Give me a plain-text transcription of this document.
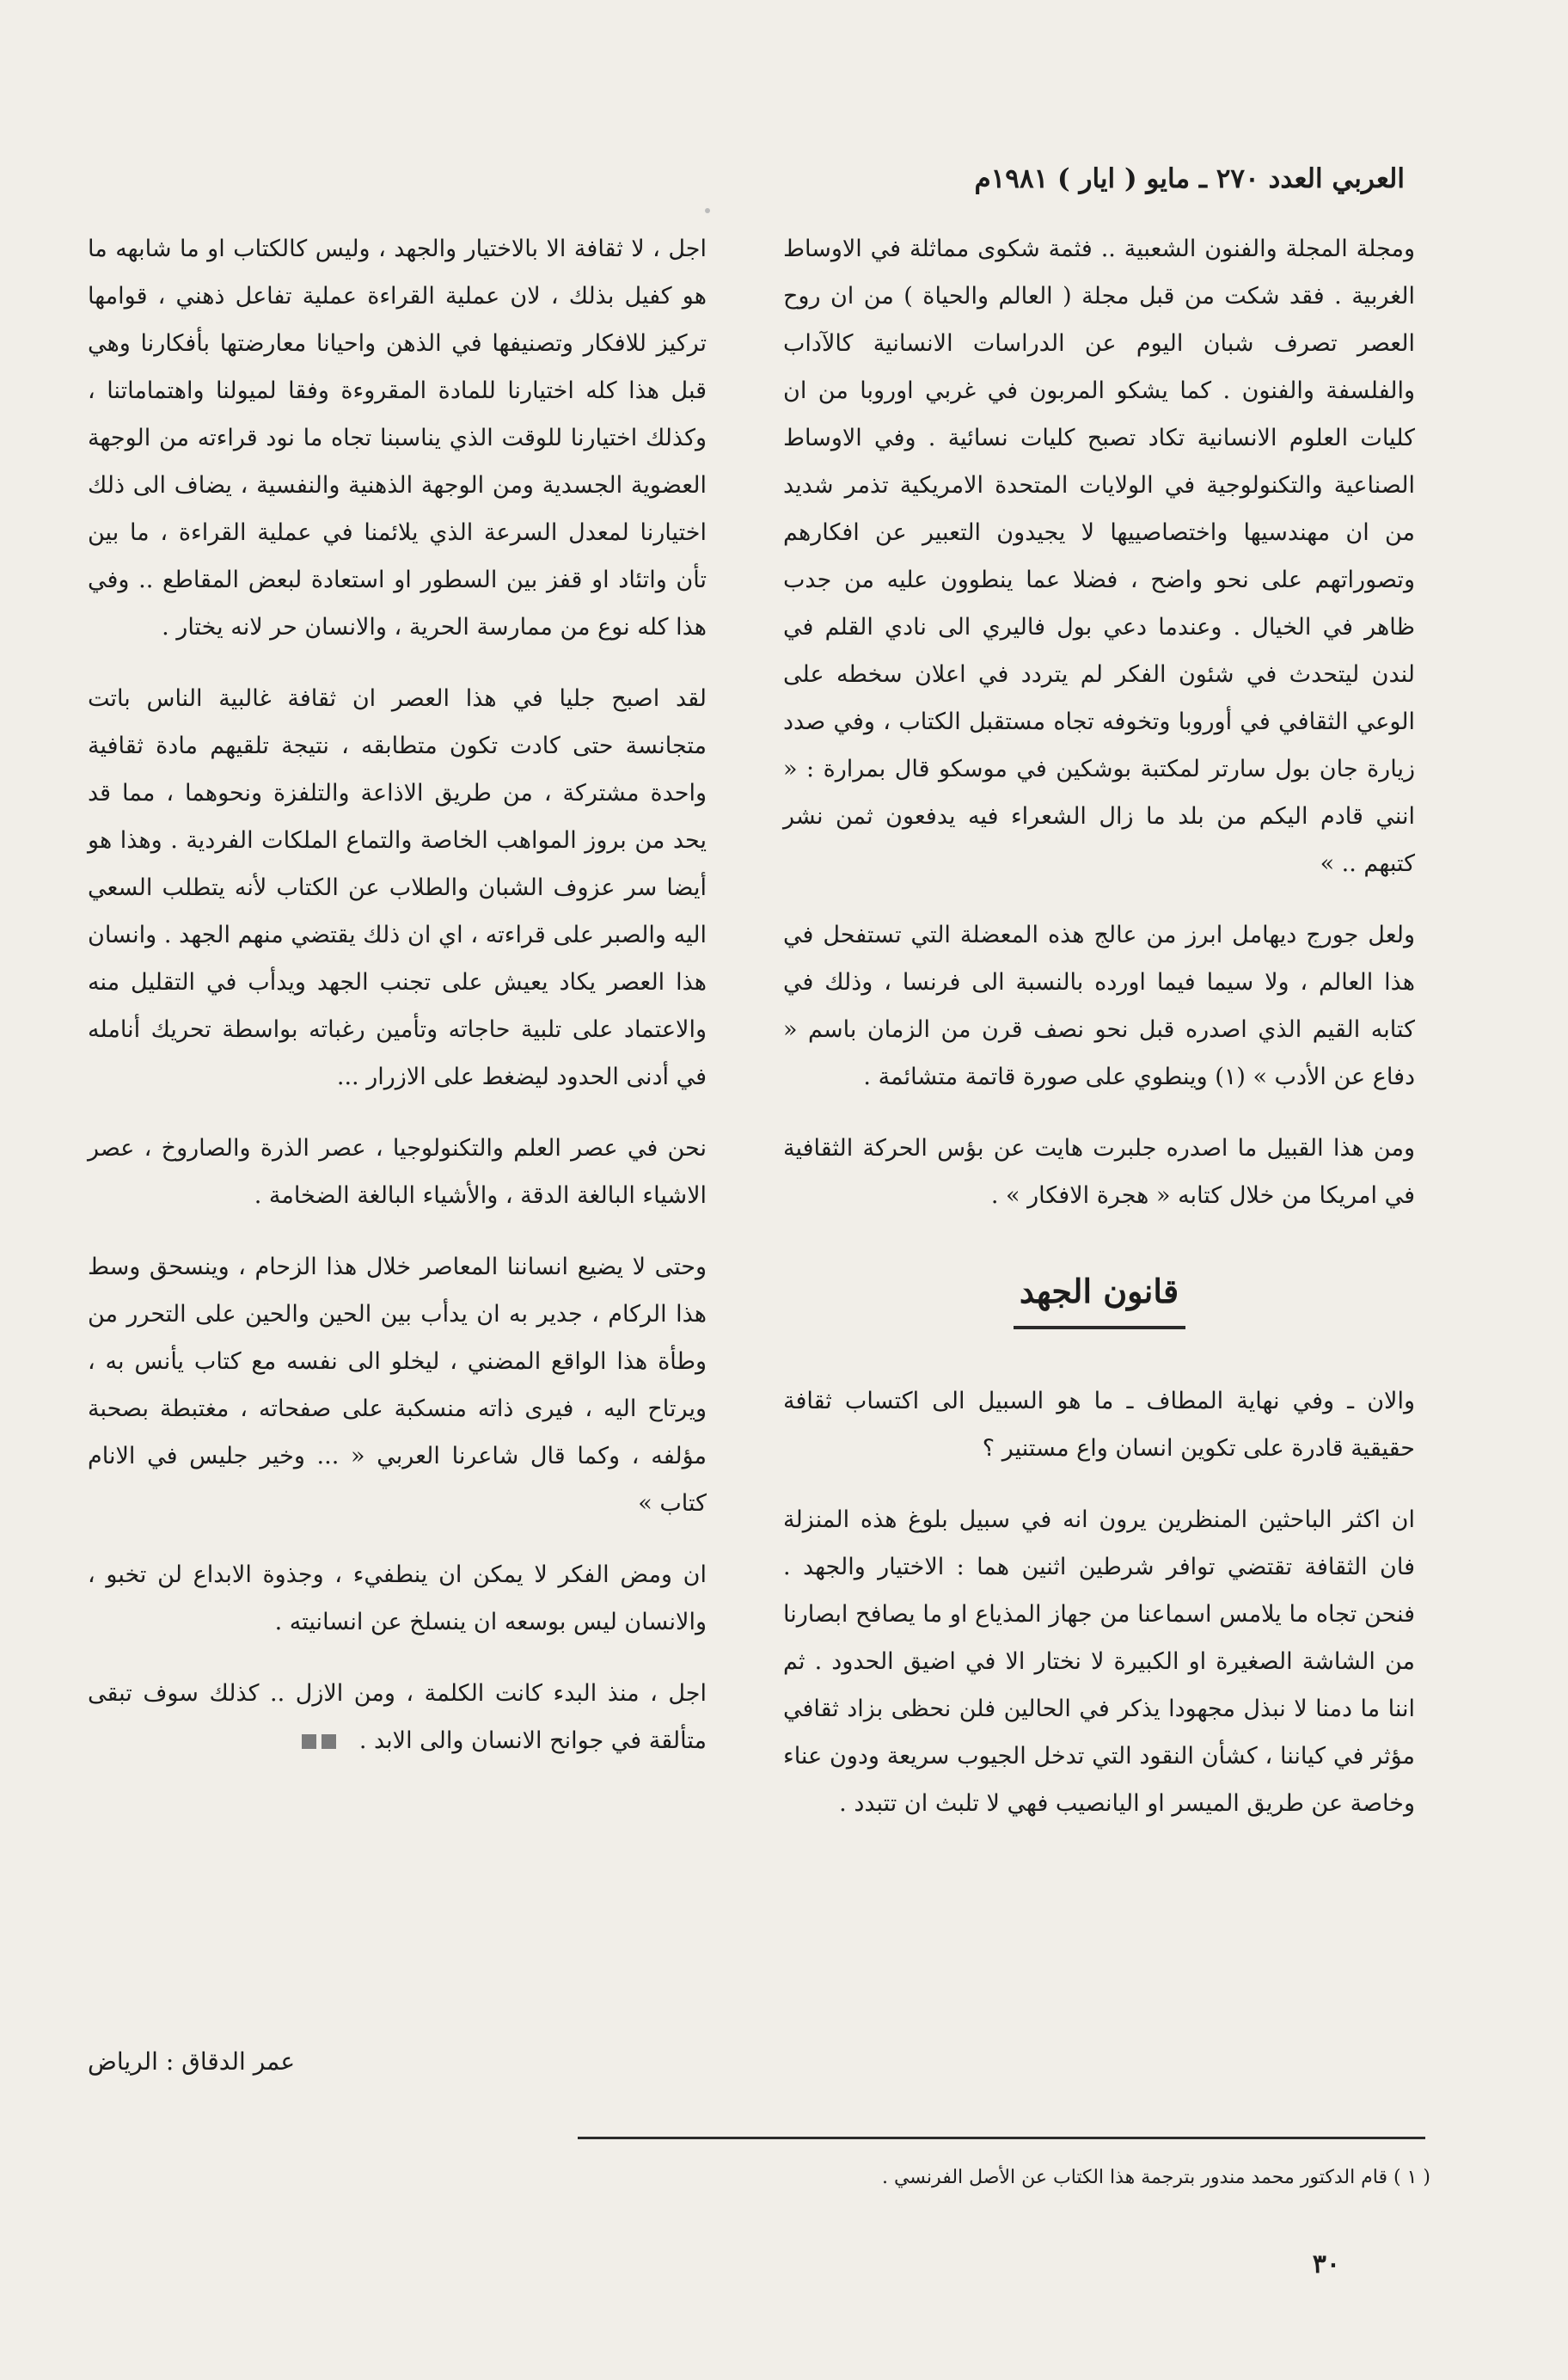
العربي العدد ٢٧٠ ـ مايو ( ايار ) ١٩٨١م

ومجلة المجلة والفنون الشعبية .. فثمة شكوى مماثلة في الاوساط الغربية . فقد شكت من قبل مجلة ( العالم والحياة ) من ان روح العصر تصرف شبان اليوم عن الدراسات الانسانية كالآداب والفلسفة والفنون . كما يشكو المربون في غربي اوروبا من ان كليات العلوم الانسانية تكاد تصبح كليات نسائية . وفي الاوساط الصناعية والتكنولوجية في الولايات المتحدة الامريكية تذمر شديد من ان مهندسيها واختصاصييها لا يجيدون التعبير عن افكارهم وتصوراتهم على نحو واضح ، فضلا عما ينطوون عليه من جدب ظاهر في الخيال . وعندما دعي بول فاليري الى نادي القلم في لندن ليتحدث في شئون الفكر لم يتردد في اعلان سخطه على الوعي الثقافي في أوروبا وتخوفه تجاه مستقبل الكتاب ، وفي صدد زيارة جان بول سارتر لمكتبة بوشكين في موسكو قال بمرارة : « انني قادم اليكم من بلد ما زال الشعراء فيه يدفعون ثمن نشر كتبهم .. »

ولعل جورج ديهامل ابرز من عالج هذه المعضلة التي تستفحل في هذا العالم ، ولا سيما فيما اورده بالنسبة الى فرنسا ، وذلك في كتابه القيم الذي اصدره قبل نحو نصف قرن من الزمان باسم « دفاع عن الأدب » (١) وينطوي على صورة قاتمة متشائمة .

ومن هذا القبيل ما اصدره جلبرت هايت عن بؤس الحركة الثقافية في امريكا من خلال كتابه « هجرة الافكار » .

قانون الجهد

والان ـ وفي نهاية المطاف ـ ما هو السبيل الى اكتساب ثقافة حقيقية قادرة على تكوين انسان واع مستنير ؟

ان اكثر الباحثين المنظرين يرون انه في سبيل بلوغ هذه المنزلة فان الثقافة تقتضي توافر شرطين اثنين هما : الاختيار والجهد . فنحن تجاه ما يلامس اسماعنا من جهاز المذياع او ما يصافح ابصارنا من الشاشة الصغيرة او الكبيرة لا نختار الا في اضيق الحدود . ثم اننا ما دمنا لا نبذل مجهودا يذكر في الحالين فلن نحظى بزاد ثقافي مؤثر في كياننا ، كشأن النقود التي تدخل الجيوب سريعة ودون عناء وخاصة عن طريق الميسر او اليانصيب فهي لا تلبث ان تتبدد .

اجل ، لا ثقافة الا بالاختيار والجهد ، وليس كالكتاب او ما شابهه ما هو كفيل بذلك ، لان عملية القراءة عملية تفاعل ذهني ، قوامها تركيز للافكار وتصنيفها في الذهن واحيانا معارضتها بأفكارنا وهي قبل هذا كله اختيارنا للمادة المقروءة وفقا لميولنا واهتماماتنا ، وكذلك اختيارنا للوقت الذي يناسبنا تجاه ما نود قراءته من الوجهة العضوية الجسدية ومن الوجهة الذهنية والنفسية ، يضاف الى ذلك اختيارنا لمعدل السرعة الذي يلائمنا في عملية القراءة ، ما بين تأن واتئاد او قفز بين السطور او استعادة لبعض المقاطع .. وفي هذا كله نوع من ممارسة الحرية ، والانسان حر لانه يختار .

لقد اصبح جليا في هذا العصر ان ثقافة غالبية الناس باتت متجانسة حتى كادت تكون متطابقه ، نتيجة تلقيهم مادة ثقافية واحدة مشتركة ، من طريق الاذاعة والتلفزة ونحوهما ، مما قد يحد من بروز المواهب الخاصة والتماع الملكات الفردية . وهذا هو أيضا سر عزوف الشبان والطلاب عن الكتاب لأنه يتطلب السعي اليه والصبر على قراءته ، اي ان ذلك يقتضي منهم الجهد . وانسان هذا العصر يكاد يعيش على تجنب الجهد ويدأب في التقليل منه والاعتماد على تلبية حاجاته وتأمين رغباته بواسطة تحريك أنامله في أدنى الحدود ليضغط على الازرار ...

نحن في عصر العلم والتكنولوجيا ، عصر الذرة والصاروخ ، عصر الاشياء البالغة الدقة ، والأشياء البالغة الضخامة .

وحتى لا يضيع انساننا المعاصر خلال هذا الزحام ، وينسحق وسط هذا الركام ، جدير به ان يدأب بين الحين والحين على التحرر من وطأة هذا الواقع المضني ، ليخلو الى نفسه مع كتاب يأنس به ، ويرتاح اليه ، فيرى ذاته منسكبة على صفحاته ، مغتبطة بصحبة مؤلفه ، وكما قال شاعرنا العربي « ... وخير جليس في الانام كتاب »

ان ومض الفكر لا يمكن ان ينطفيء ، وجذوة الابداع لن تخبو ، والانسان ليس بوسعه ان ينسلخ عن انسانيته .

اجل ، منذ البدء كانت الكلمة ، ومن الازل .. كذلك سوف تبقى متألقة في جوانح الانسان والى الابد .

عمر الدقاق : الرياض
( ١ ) قام الدكتور محمد مندور بترجمة هذا الكتاب عن الأصل الفرنسي .
٣٠
